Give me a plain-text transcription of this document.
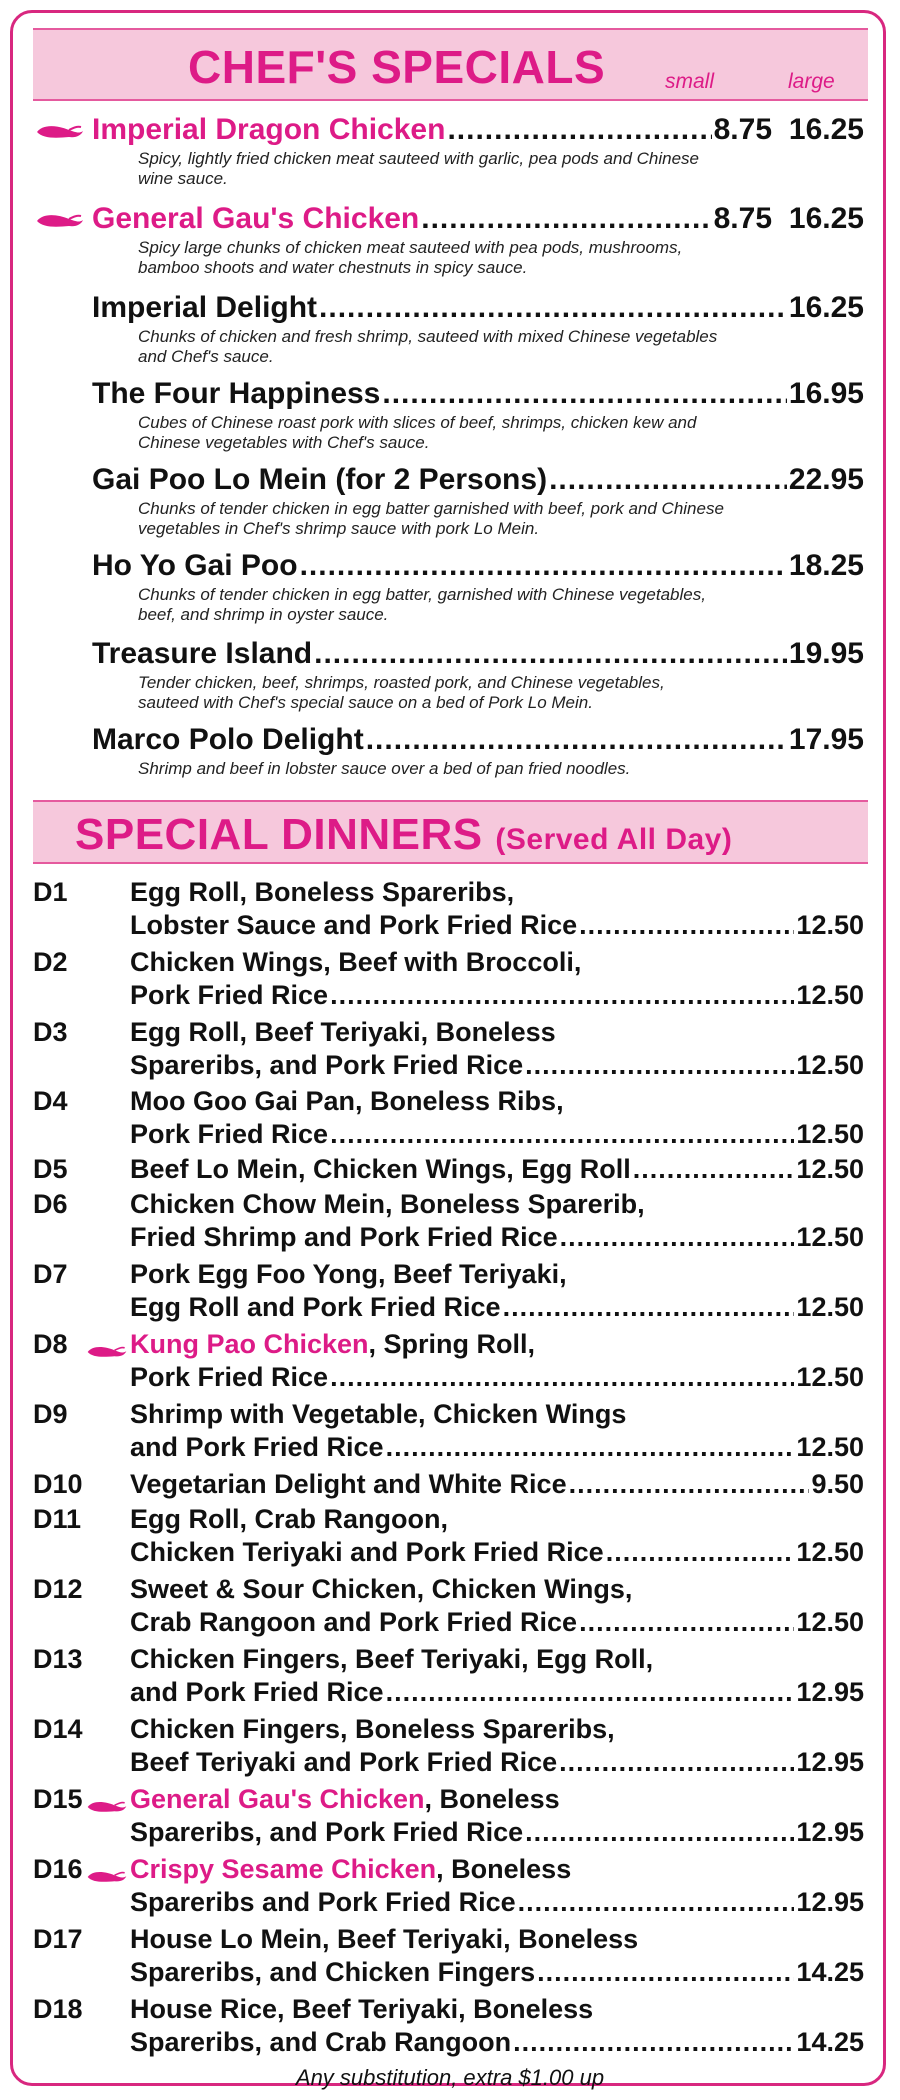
CHEF'S SPECIALS	small	large
Imperial Dragon Chicken .....	8.75 16.25
Spicy, lightly fried chicken meat sauteed with garlic, pea pods and Chinese
wine sauce.
General Gau's Chicken .....	8.75 16.25
Spicy large chunks of chicken meat sauteed with pea pods, mushrooms,
bamboo shoots and water chestnuts in spicy sauce.
Imperial Delight .....	16.25
Chunks of chicken and fresh shrimp, sauteed with mixed Chinese vegetables
and Chef's sauce.
The Four Happiness .....	16.95
Cubes of Chinese roast pork with slices of beef, shrimps, chicken kew and
Chinese vegetables with Chef's sauce.
Gai Poo Lo Mein (for 2 Persons) .....	22.95
Chunks of tender chicken in egg batter garnished with beef, pork and Chinese
vegetables in Chef's shrimp sauce with pork Lo Mein.
Ho Yo Gai Poo .....	18.25
Chunks of tender chicken in egg batter, garnished with Chinese vegetables,
beef, and shrimp in oyster sauce.
Treasure Island .....	19.95
Tender chicken, beef, shrimps, roasted pork, and Chinese vegetables,
sauteed with Chef's special sauce on a bed of Pork Lo Mein.
Marco Polo Delight .....	17.95
Shrimp and beef in lobster sauce over a bed of pan fried noodles.
SPECIAL DINNERS (Served All Day)
D1 Egg Roll, Boneless Spareribs,
Lobster Sauce and Pork Fried Rice .....	12.50
D2 Chicken Wings, Beef with Broccoli,
Pork Fried Rice .....	12.50
D3 Egg Roll, Beef Teriyaki, Boneless
Spareribs, and Pork Fried Rice .....	12.50
D4 Moo Goo Gai Pan, Boneless Ribs,
Pork Fried Rice .....	12.50
D5 Beef Lo Mein, Chicken Wings, Egg Roll .....	12.50
D6 Chicken Chow Mein, Boneless Sparerib,
Fried Shrimp and Pork Fried Rice .....	12.50
D7 Pork Egg Foo Yong, Beef Teriyaki,
Egg Roll and Pork Fried Rice .....	12.50
D8 Kung Pao Chicken, Spring Roll,
Pork Fried Rice .....	12.50
D9 Shrimp with Vegetable, Chicken Wings
and Pork Fried Rice .....	12.50
D10 Vegetarian Delight and White Rice .....	9.50
D11 Egg Roll, Crab Rangoon,
Chicken Teriyaki and Pork Fried Rice .....	12.50
D12 Sweet & Sour Chicken, Chicken Wings,
Crab Rangoon and Pork Fried Rice .....	12.50
D13 Chicken Fingers, Beef Teriyaki, Egg Roll,
and Pork Fried Rice .....	12.95
D14 Chicken Fingers, Boneless Spareribs,
Beef Teriyaki and Pork Fried Rice .....	12.95
D15 General Gau's Chicken, Boneless
Spareribs, and Pork Fried Rice .....	12.95
D16 Crispy Sesame Chicken, Boneless
Spareribs and Pork Fried Rice .....	12.95
D17 House Lo Mein, Beef Teriyaki, Boneless
Spareribs, and Chicken Fingers .....	14.25
D18 House Rice, Beef Teriyaki, Boneless
Spareribs, and Crab Rangoon .....	14.25
Any substitution, extra $1.00 up
